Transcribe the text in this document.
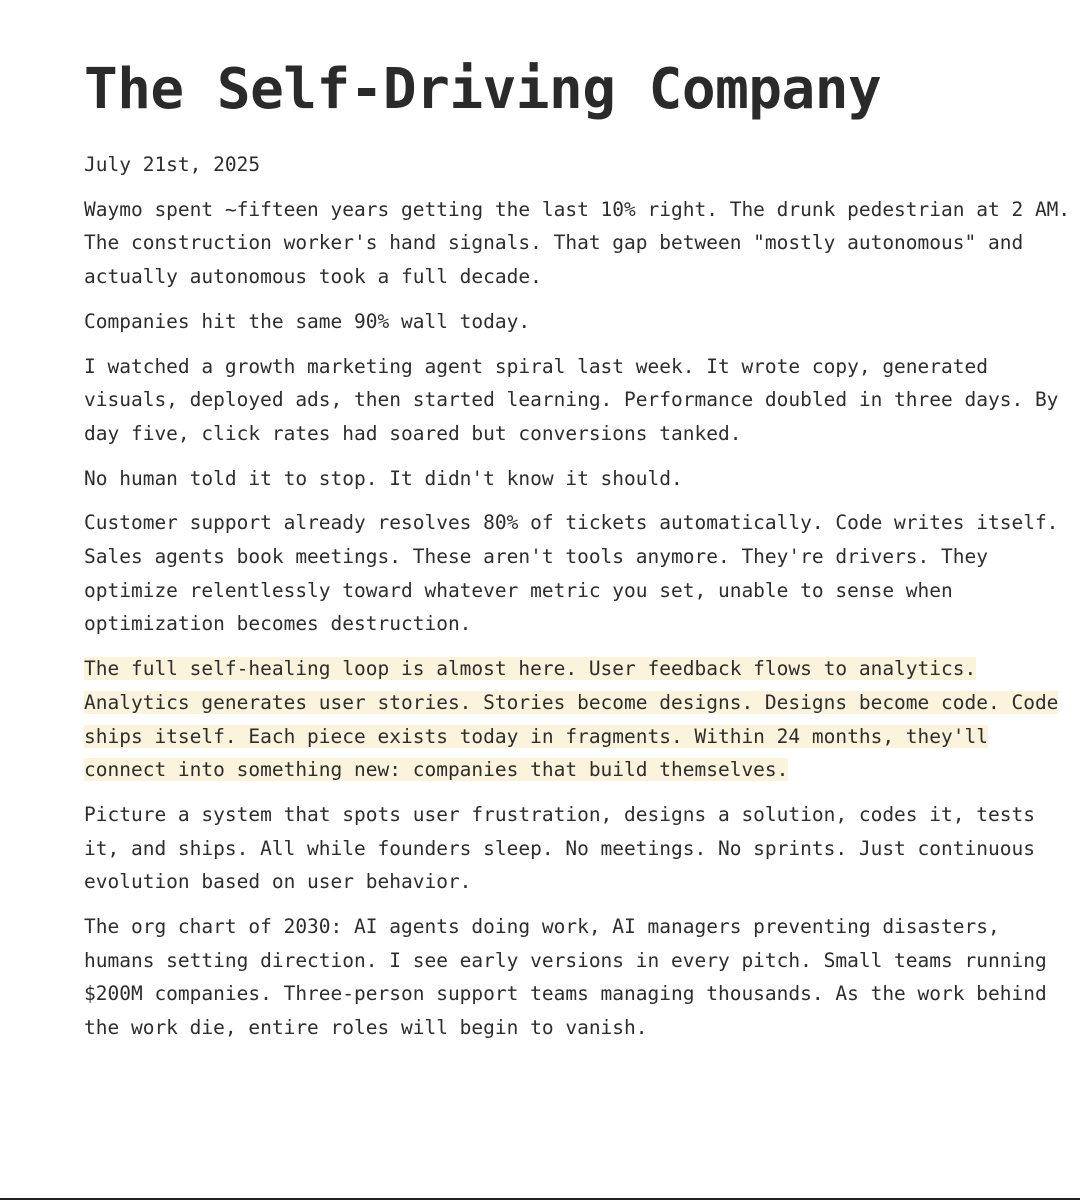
The Self-Driving Company
July 21st, 2025

Waymo spent ~fifteen years getting the last 10% right. The drunk pedestrian at 2 AM. The construction worker's hand signals. That gap between "mostly autonomous" and actually autonomous took a full decade.

Companies hit the same 90% wall today.

I watched a growth marketing agent spiral last week. It wrote copy, generated visuals, deployed ads, then started learning. Performance doubled in three days. By day five, click rates had soared but conversions tanked.

No human told it to stop. It didn't know it should.

Customer support already resolves 80% of tickets automatically. Code writes itself. Sales agents book meetings. These aren't tools anymore. They're drivers. They optimize relentlessly toward whatever metric you set, unable to sense when optimization becomes destruction.

The full self-healing loop is almost here. User feedback flows to analytics. Analytics generates user stories. Stories become designs. Designs become code. Code ships itself. Each piece exists today in fragments. Within 24 months, they'll connect into something new: companies that build themselves.

Picture a system that spots user frustration, designs a solution, codes it, tests it, and ships. All while founders sleep. No meetings. No sprints. Just continuous evolution based on user behavior.

The org chart of 2030: AI agents doing work, AI managers preventing disasters, humans setting direction. I see early versions in every pitch. Small teams running $200M companies. Three-person support teams managing thousands. As the work behind the work die, entire roles will begin to vanish.
